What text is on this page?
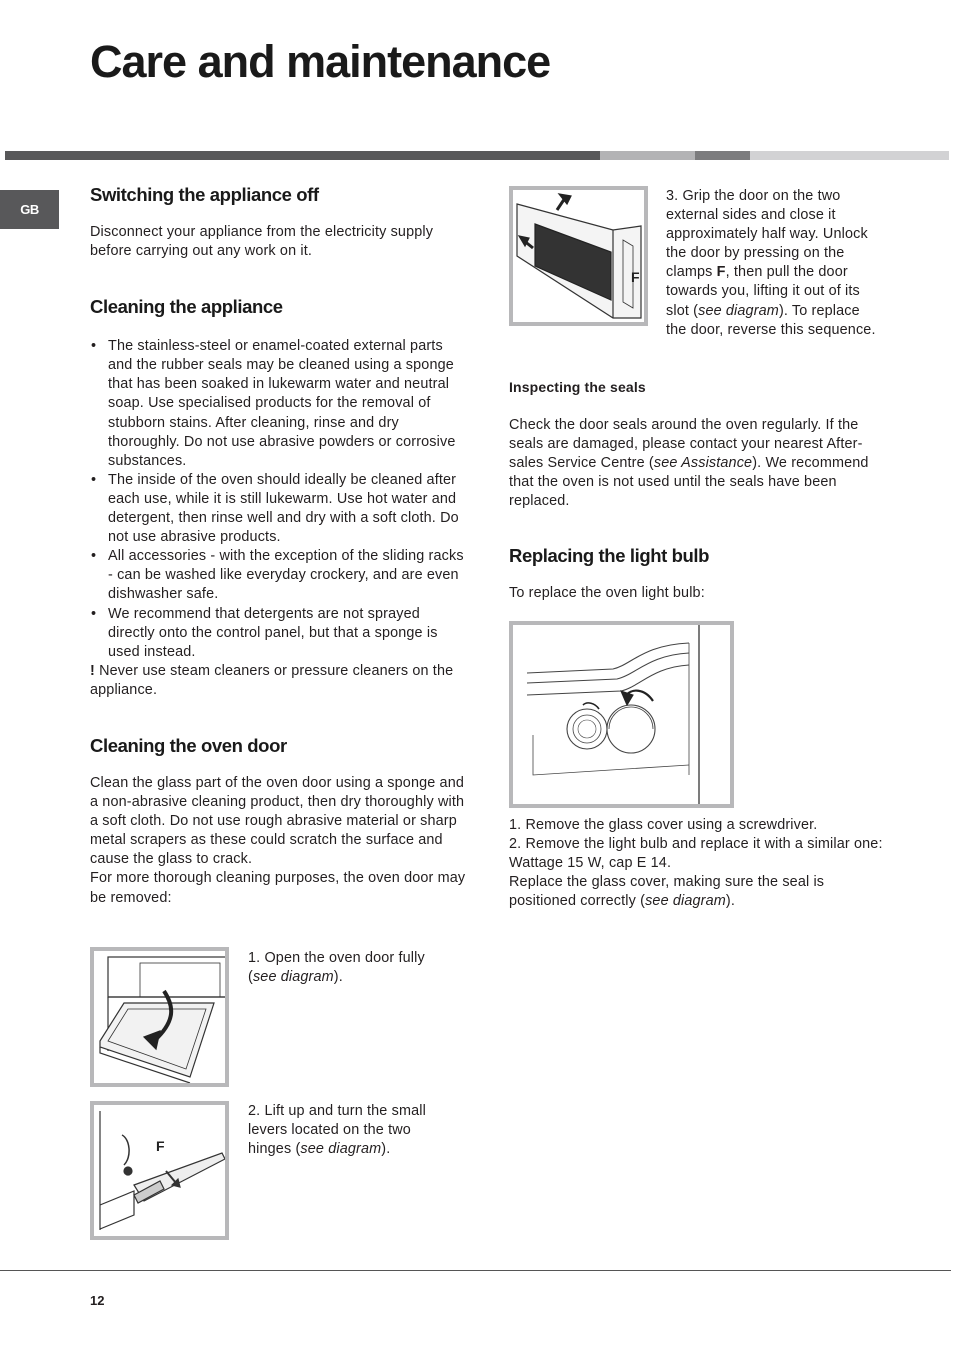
Care and maintenance
GB
Switching the appliance off

Disconnect your appliance from the electricity supply before carrying out any work on it.

Cleaning the appliance
• The stainless-steel or enamel-coated external parts and the rubber seals may be cleaned using a sponge that has been soaked in lukewarm water and neutral soap. Use specialised products for the removal of stubborn stains. After cleaning, rinse and dry thoroughly. Do not use abrasive powders or corrosive substances.
• The inside of the oven should ideally be cleaned after each use, while it is still lukewarm. Use hot water and detergent, then rinse well and dry with a soft cloth. Do not use abrasive products.
• All accessories - with the exception of the sliding racks - can be washed like everyday crockery, and are even dishwasher safe.
• We recommend that detergents are not sprayed directly onto the control panel, but that a sponge is used instead.

! Never use steam cleaners or pressure cleaners on the appliance.

Cleaning the oven door

Clean the glass part of the oven door using a sponge and a non-abrasive cleaning product, then dry thoroughly with a soft cloth. Do not use rough abrasive material or sharp metal scrapers as these could scratch the surface and cause the glass to crack.

For more thorough cleaning purposes, the oven door may be removed:

1. Open the oven door fully (see diagram).
F
2. Lift up and turn the small levers located on the two hinges (see diagram).
F
3. Grip the door on the two external sides and close it approximately half way. Unlock the door by pressing on the clamps F, then pull the door towards you, lifting it out of its slot (see diagram). To replace the door, reverse this sequence.
Inspecting the seals

Check the door seals around the oven regularly. If the seals are damaged, please contact your nearest After-sales Service Centre (see Assistance). We recommend that the oven is not used until the seals have been replaced.

Replacing the light bulb

To replace the oven light bulb:

1. Remove the glass cover using a screwdriver.

2. Remove the light bulb and replace it with a similar one: Wattage 15 W, cap E 14.

Replace the glass cover, making sure the seal is positioned correctly (see diagram).

12
